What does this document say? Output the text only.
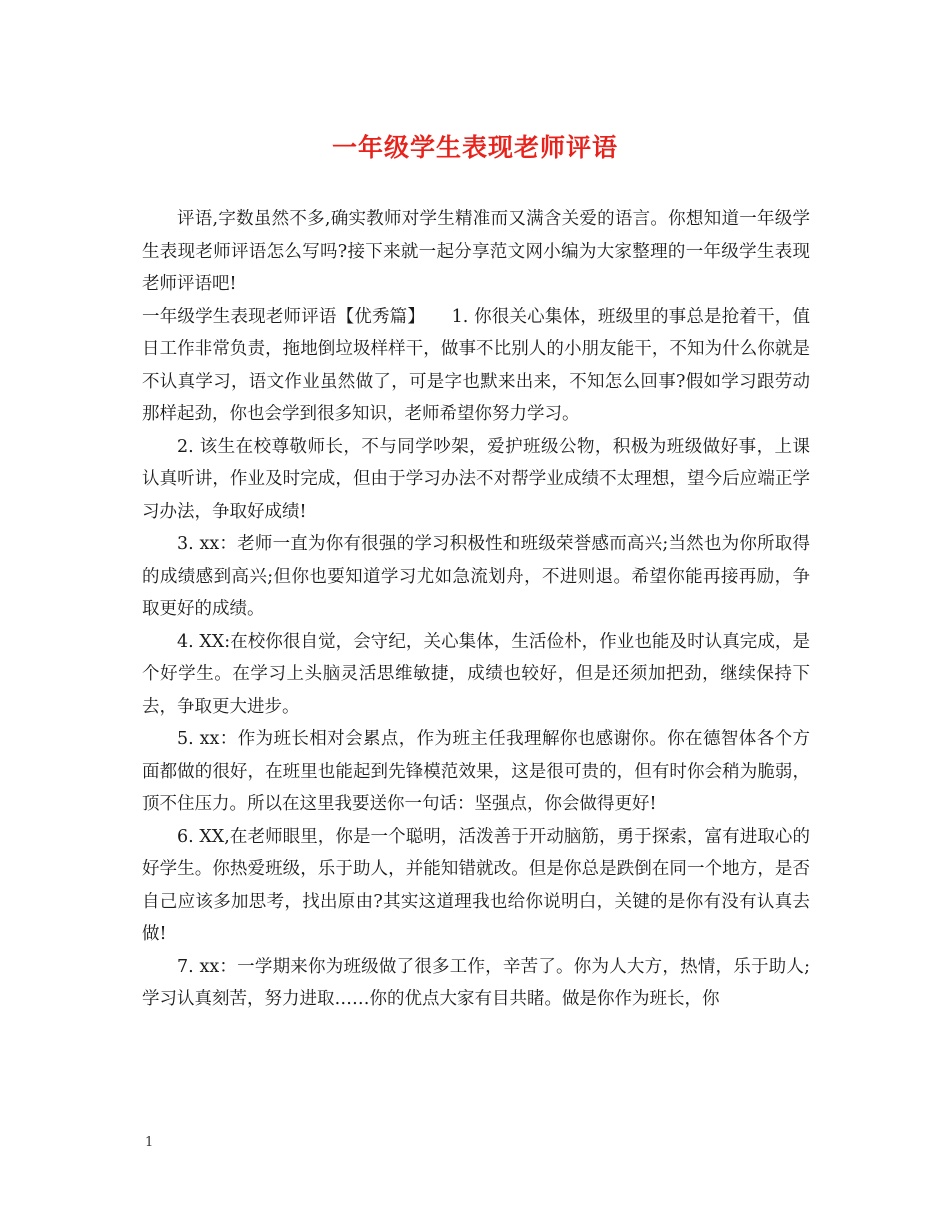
一年级学生表现老师评语

评语,字数虽然不多,确实教师对学生精准而又满含关爱的语言。你想知道一年级学生表现老师评语怎么写吗?接下来就一起分享范文网小编为大家整理的一年级学生表现老师评语吧!

一年级学生表现老师评语【优秀篇】　　1. 你很关心集体，班级里的事总是抢着干，值日工作非常负责，拖地倒垃圾样样干，做事不比别人的小朋友能干，不知为什么你就是不认真学习，语文作业虽然做了，可是字也默来出来，不知怎么回事?假如学习跟劳动那样起劲，你也会学到很多知识，老师希望你努力学习。

2. 该生在校尊敬师长，不与同学吵架，爱护班级公物，积极为班级做好事，上课认真听讲，作业及时完成，但由于学习办法不对帮学业成绩不太理想，望今后应端正学习办法，争取好成绩!

3. xx：老师一直为你有很强的学习积极性和班级荣誉感而高兴;当然也为你所取得的成绩感到高兴;但你也要知道学习尤如急流划舟，不进则退。希望你能再接再励，争取更好的成绩。

4. XX:在校你很自觉，会守纪，关心集体，生活俭朴，作业也能及时认真完成，是个好学生。在学习上头脑灵活思维敏捷，成绩也较好，但是还须加把劲，继续保持下去，争取更大进步。

5. xx：作为班长相对会累点，作为班主任我理解你也感谢你。你在德智体各个方面都做的很好，在班里也能起到先锋模范效果，这是很可贵的，但有时你会稍为脆弱，顶不住压力。所以在这里我要送你一句话：坚强点，你会做得更好!

6. XX,在老师眼里，你是一个聪明，活泼善于开动脑筋，勇于探索，富有进取心的好学生。你热爱班级，乐于助人，并能知错就改。但是你总是跌倒在同一个地方，是否自己应该多加思考，找出原由?其实这道理我也给你说明白，关键的是你有没有认真去做!

7. xx：一学期来你为班级做了很多工作，辛苦了。你为人大方，热情，乐于助人;学习认真刻苦，努力进取……你的优点大家有目共睹。做是你作为班长，你

1
